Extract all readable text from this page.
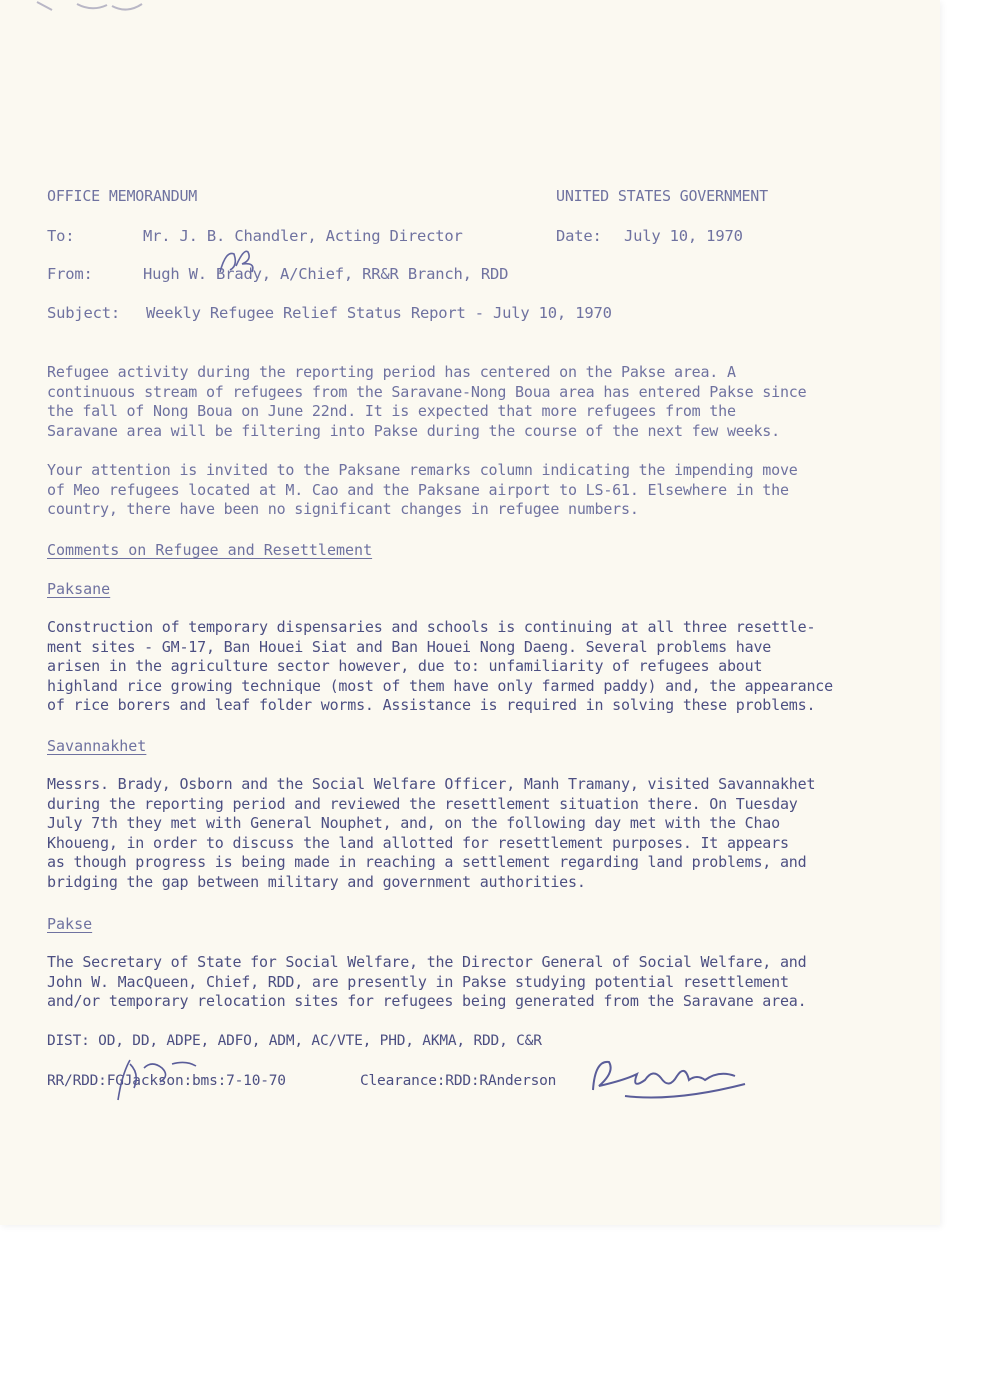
OFFICE MEMORANDUM	UNITED STATES GOVERNMENT
To:	Mr. J. B. Chandler, Acting Director	Date: July 10, 1970
From:	Hugh W. Brady, A/Chief, RR&R Branch, RDD
Subject: Weekly Refugee Relief Status Report - July 10, 1970
Refugee activity during the reporting period has centered on the Pakse area. A
continuous stream of refugees from the Saravane-Nong Boua area has entered Pakse since
the fall of Nong Boua on June 22nd. It is expected that more refugees from the
Saravane area will be filtering into Pakse during the course of the next few weeks.
Your attention is invited to the Paksane remarks column indicating the impending move
of Meo refugees located at M. Cao and the Paksane airport to LS-61. Elsewhere in the
country, there have been no significant changes in refugee numbers.
Comments on Refugee and Resettlement
Paksane
Construction of temporary dispensaries and schools is continuing at all three resettle-
ment sites - GM-17, Ban Houei Siat and Ban Houei Nong Daeng. Several problems have
arisen in the agriculture sector however, due to: unfamiliarity of refugees about
highland rice growing technique (most of them have only farmed paddy) and, the appearance
of rice borers and leaf folder worms. Assistance is required in solving these problems.
Savannakhet
Messrs. Brady, Osborn and the Social Welfare Officer, Manh Tramany, visited Savannakhet
during the reporting period and reviewed the resettlement situation there. On Tuesday
July 7th they met with General Nouphet, and, on the following day met with the Chao
Khoueng, in order to discuss the land allotted for resettlement purposes. It appears
as though progress is being made in reaching a settlement regarding land problems, and
bridging the gap between military and government authorities.
Pakse
The Secretary of State for Social Welfare, the Director General of Social Welfare, and
John W. MacQueen, Chief, RDD, are presently in Pakse studying potential resettlement
and/or temporary relocation sites for refugees being generated from the Saravane area.
DIST: OD, DD, ADPE, ADFO, ADM, AC/VTE, PHD, AKMA, RDD, C&R
RR/RDD:FGJackson:bms:7-10-70	Clearance:RDD:RAnderson
